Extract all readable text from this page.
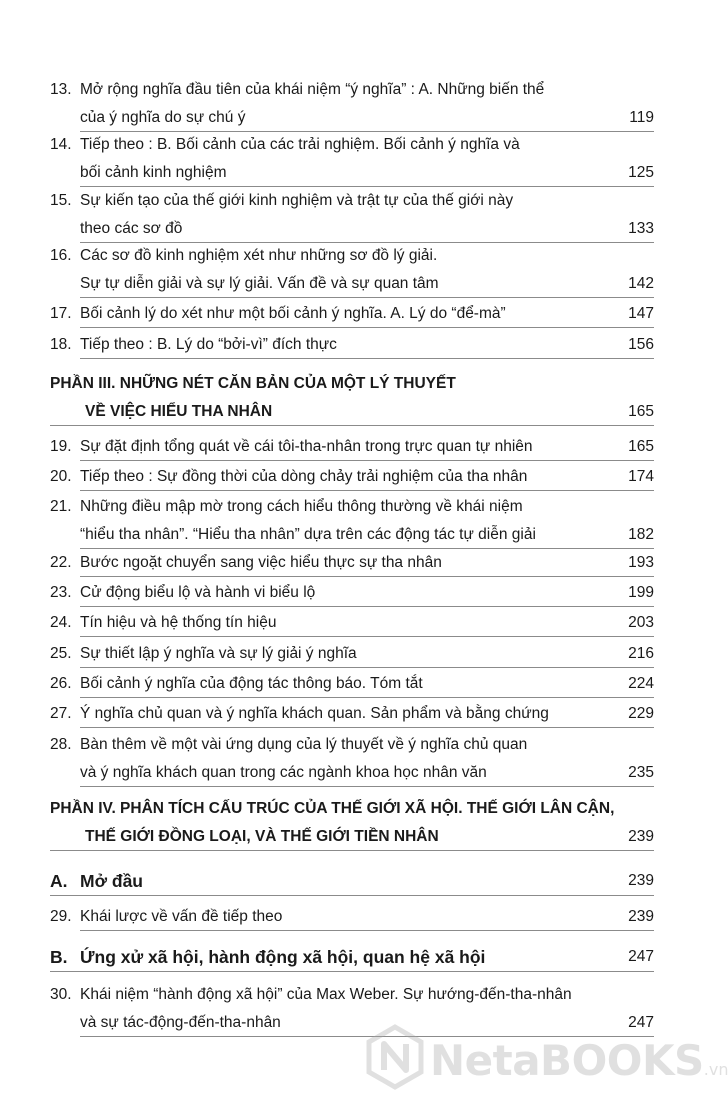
13. Mở rộng nghĩa đầu tiên của khái niệm “ý nghĩa” : A. Những biến thể
của ý nghĩa do sự chú ý	119
14. Tiếp theo : B. Bối cảnh của các trải nghiệm. Bối cảnh ý nghĩa và
bối cảnh kinh nghiệm	125
15. Sự kiến tạo của thế giới kinh nghiệm và trật tự của thế giới này
theo các sơ đồ	133
16. Các sơ đồ kinh nghiệm xét như những sơ đồ lý giải.
Sự tự diễn giải và sự lý giải. Vấn đề và sự quan tâm	142
17. Bối cảnh lý do xét như một bối cảnh ý nghĩa. A. Lý do “để-mà”	147
18. Tiếp theo : B. Lý do “bởi-vì” đích thực	156
PHẦN III. NHỮNG NÉT CĂN BẢN CỦA MỘT LÝ THUYẾT
VỀ VIỆC HIỂU THA NHÂN	165
19. Sự đặt định tổng quát về cái tôi-tha-nhân trong trực quan tự nhiên	165
20. Tiếp theo : Sự đồng thời của dòng chảy trải nghiệm của tha nhân	174
21. Những điều mập mờ trong cách hiểu thông thường về khái niệm
“hiểu tha nhân”. “Hiểu tha nhân” dựa trên các động tác tự diễn giải	182
22. Bước ngoặt chuyển sang việc hiểu thực sự tha nhân	193
23. Cử động biểu lộ và hành vi biểu lộ	199
24. Tín hiệu và hệ thống tín hiệu	203
25. Sự thiết lập ý nghĩa và sự lý giải ý nghĩa	216
26. Bối cảnh ý nghĩa của động tác thông báo. Tóm tắt	224
27. Ý nghĩa chủ quan và ý nghĩa khách quan. Sản phẩm và bằng chứng	229
28. Bàn thêm về một vài ứng dụng của lý thuyết về ý nghĩa chủ quan
và ý nghĩa khách quan trong các ngành khoa học nhân văn	235
PHẦN IV. PHÂN TÍCH CẤU TRÚC CỦA THẾ GIỚI XÃ HỘI. THẾ GIỚI LÂN CẬN,
THẾ GIỚI ĐỒNG LOẠI, VÀ THẾ GIỚI TIỀN NHÂN	239
A. Mở đầu	239
29. Khái lược về vấn đề tiếp theo	239
B. Ứng xử xã hội, hành động xã hội, quan hệ xã hội	247
30. Khái niệm “hành động xã hội” của Max Weber. Sự hướng-đến-tha-nhân
và sự tác-động-đến-tha-nhân	247
NetaBOOKS.vn
